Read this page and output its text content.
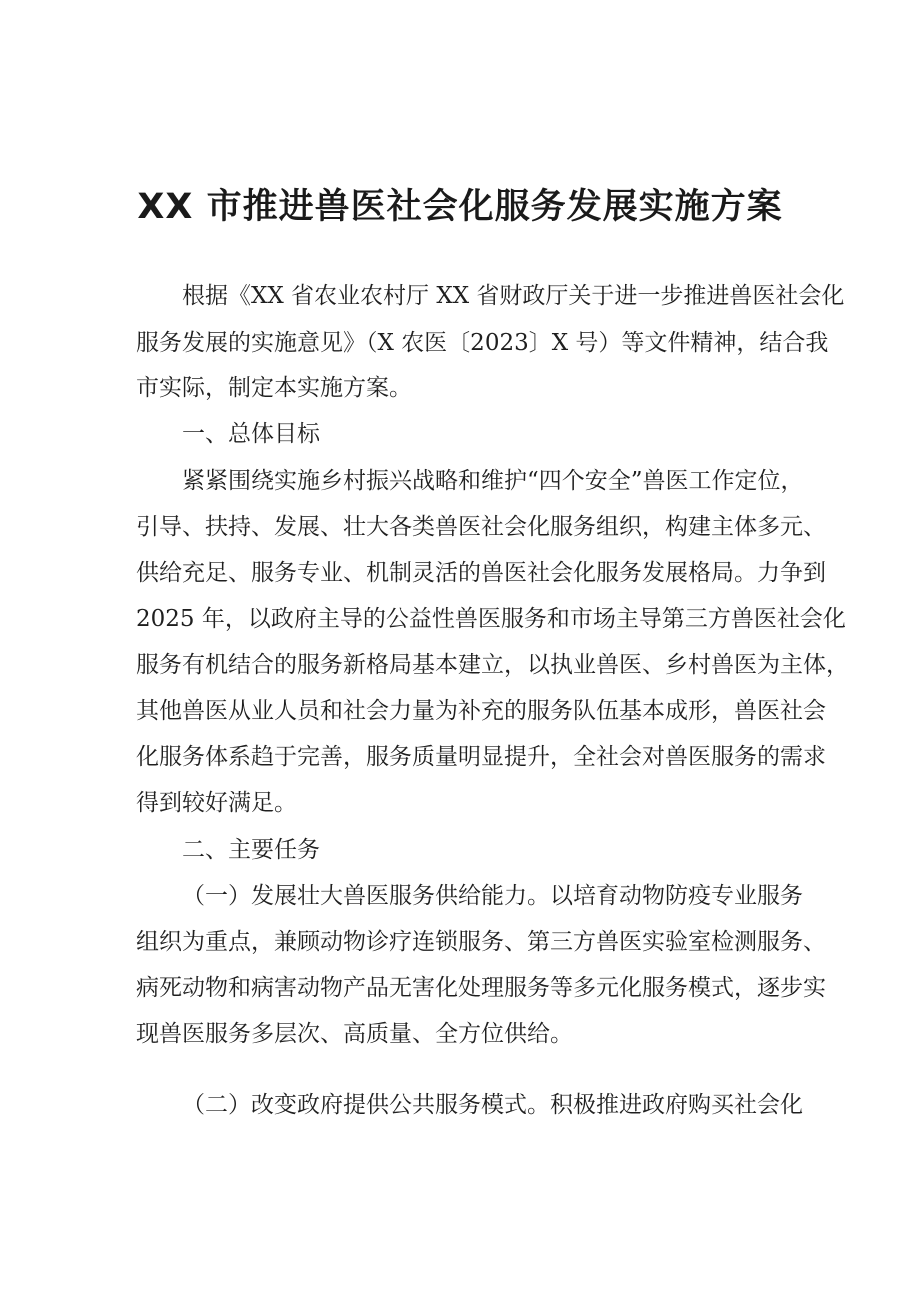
XX 市推进兽医社会化服务发展实施方案
根据《XX 省农业农村厅 XX 省财政厅关于进一步推进兽医社会化
服务发展的实施意见》（X 农医〔2023〕X 号）等文件精神，结合我
市实际，制定本实施方案。
一、总体目标
紧紧围绕实施乡村振兴战略和维护“四个安全”兽医工作定位，
引导、扶持、发展、壮大各类兽医社会化服务组织，构建主体多元、
供给充足、服务专业、机制灵活的兽医社会化服务发展格局。力争到
2025 年，以政府主导的公益性兽医服务和市场主导第三方兽医社会化
服务有机结合的服务新格局基本建立，以执业兽医、乡村兽医为主体，
其他兽医从业人员和社会力量为补充的服务队伍基本成形，兽医社会
化服务体系趋于完善，服务质量明显提升，全社会对兽医服务的需求
得到较好满足。
二、主要任务
（一）发展壮大兽医服务供给能力。以培育动物防疫专业服务
组织为重点，兼顾动物诊疗连锁服务、第三方兽医实验室检测服务、
病死动物和病害动物产品无害化处理服务等多元化服务模式，逐步实
现兽医服务多层次、高质量、全方位供给。
（二）改变政府提供公共服务模式。积极推进政府购买社会化
